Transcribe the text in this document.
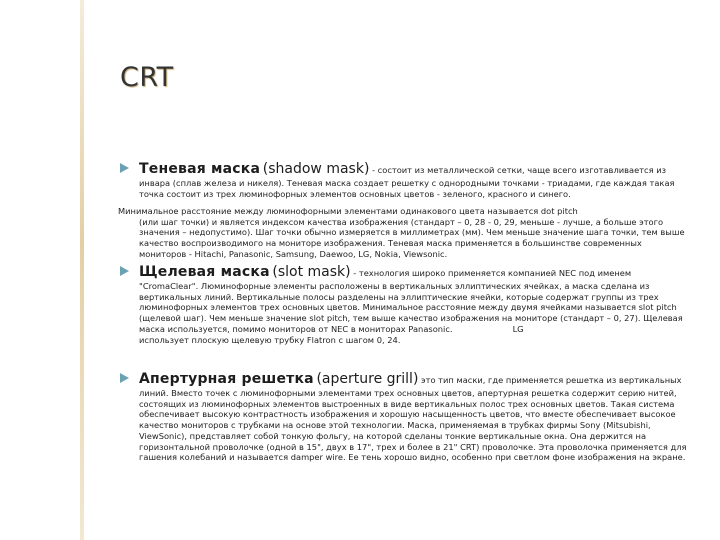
CRT
Теневая маска (shadow mask) - состоит из металлической сетки, чаще всего изготавливается из инвара (сплав железа и никеля). Теневая маска создает решетку с однородными точками - триадами, где каждая такая точка состоит из трех люминофорных элементов основных цветов - зеленого, красного и синего.

Минимальное расстояние между люминофорными элементами одинакового цвета называется dot pitch
(или шаг точки) и является индексом качества изображения (стандарт – 0, 28 - 0, 29, меньше - лучше, а больше этого значения – недопустимо). Шаг точки обычно измеряется в миллиметрах (мм). Чем меньше значение шага точки, тем выше качество воспроизводимого на мониторе изображения. Теневая маска применяется в большинстве современных мониторов - Hitachi, Panasonic, Samsung, Daewoo, LG, Nokia, Viewsonic.

Щелевая маска (slot mask) - технология широко применяется компанией NEC под именем "CromaClear". Люминофорные элементы расположены в вертикальных эллиптических ячейках, а маска сделана из вертикальных линий. Вертикальные полосы разделены на эллиптические ячейки, которые содержат группы из трех люминофорных элементов трех основных цветов. Минимальное расстояние между двумя ячейками называется slot pitch (щелевой шаг). Чем меньше значение slot pitch, тем выше качество изображения на мониторе (стандарт – 0, 27). Щелевая маска используется, помимо мониторов от NEC в мониторах Panasonic.	LG
использует плоскую щелевую трубку Flatron с шагом 0, 24.
Апертурная решетка (aperture grill) это тип маски, где применяется решетка из вертикальных линий. Вместо точек с люминофорными элементами трех основных цветов, апертурная решетка содержит серию нитей, состоящих из люминофорных элементов выстроенных в виде вертикальных полос трех основных цветов. Такая система обеспечивает высокую контрастность изображения и хорошую насыщенность цветов, что вместе обеспечивает высокое качество мониторов с трубками на основе этой технологии. Маска, применяемая в трубках фирмы Sony (Mitsubishi, ViewSonic), представляет собой тонкую фольгу, на которой сделаны тонкие вертикальные окна. Она держится на горизонтальной проволочке (одной в 15", двух в 17", трех и более в 21" CRT) проволочке. Эта проволочка применяется для гашения колебаний и называется damper wire. Ее тень хорошо видно, особенно при светлом фоне изображения на экране.
